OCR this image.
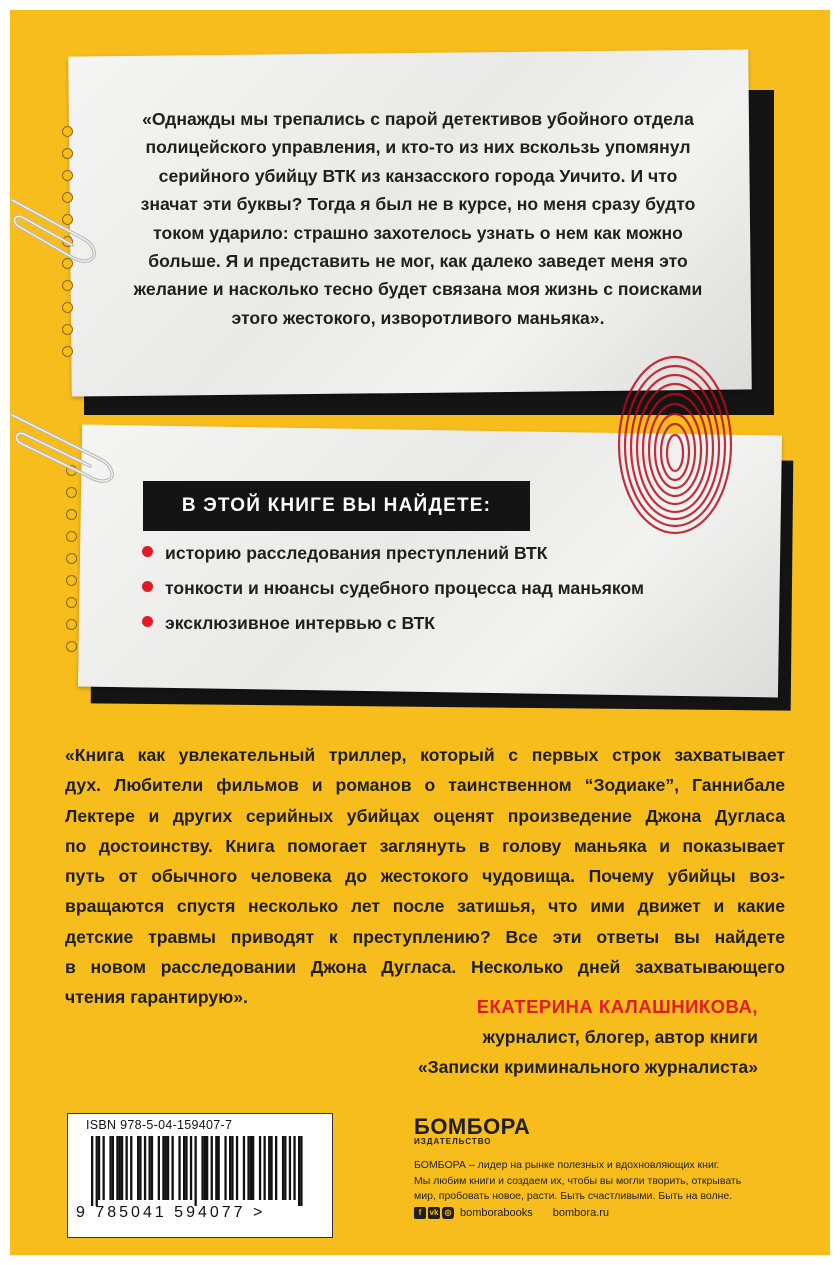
«Однажды мы трепались с парой детективов убойного отдела
полицейского управления, и кто-то из них вскользь упомянул
серийного убийцу ВТК из канзасского города Уичито. И что
значат эти буквы? Тогда я был не в курсе, но меня сразу будто
током ударило: страшно захотелось узнать о нем как можно
больше. Я и представить не мог, как далеко заведет меня это
желание и насколько тесно будет связана моя жизнь с поисками
этого жестокого, изворотливого маньяка».
В ЭТОЙ КНИГЕ ВЫ НАЙДЕТЕ:
историю расследования преступлений ВТК
тонкости и нюансы судебного процесса над маньяком
эксклюзивное интервью с ВТК
«Книга как увлекательный триллер, который с первых строк захватывает
дух. Любители фильмов и романов о таинственном “Зодиаке”, Ганнибале
Лектере и других серийных убийцах оценят произведение Джона Дугласа
по достоинству. Книга помогает заглянуть в голову маньяка и показывает
путь от обычного человека до жестокого чудовища. Почему убийцы воз-
вращаются спустя несколько лет после затишья, что ими движет и какие
детские травмы приводят к преступлению? Все эти ответы вы найдете
в новом расследовании Джона Дугласа. Несколько дней захватывающего
чтения гарантирую».	ЕКАТЕРИНА КАЛАШНИКОВА,
журналист, блогер, автор книги
«Записки криминального журналиста»
ISBN 978-5-04-159407-7
9 785041 594077 >
БОМБОРА
ИЗДАТЕЛЬСТВО
БОМБОРА – лидер на рынке полезных и вдохновляющих книг.
Мы любим книги и создаем их, чтобы вы могли творить, открывать
мир, пробовать новое, расти. Быть счастливыми. Быть на волне.
f	vk ◎ bomborabooks bombora.ru
